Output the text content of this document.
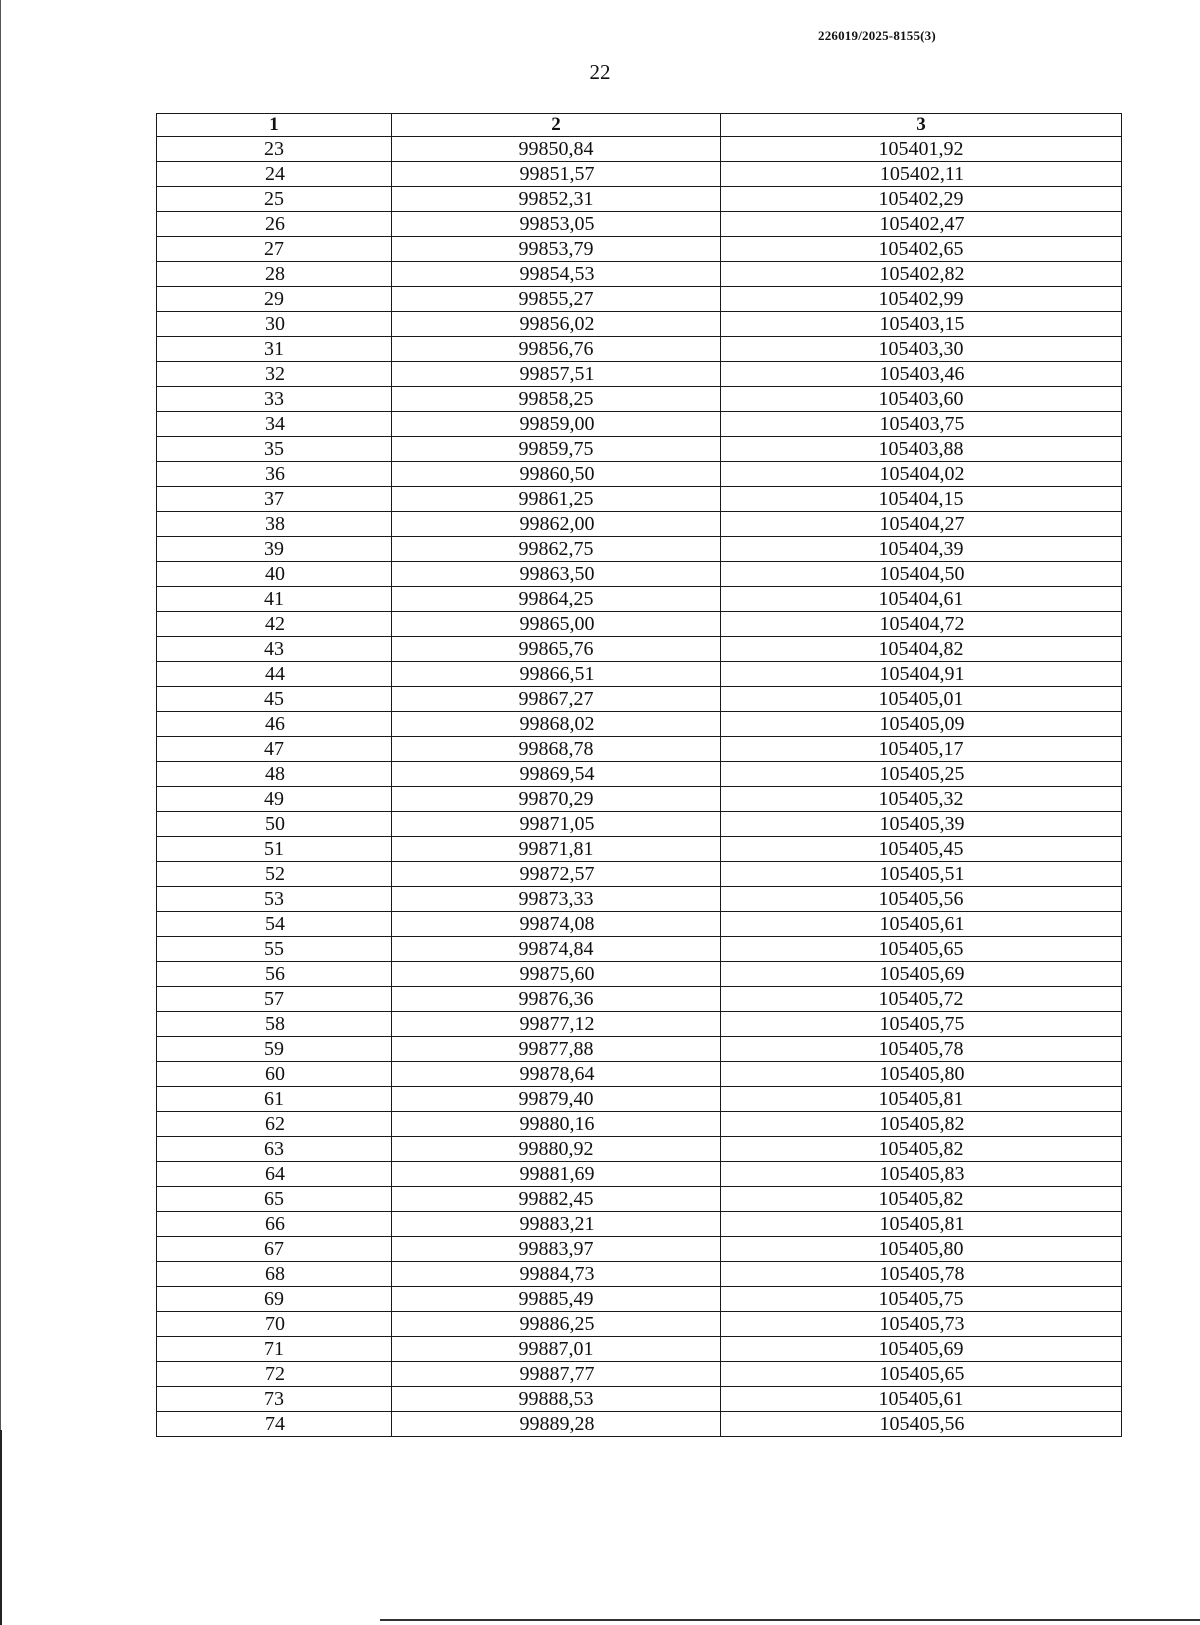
226019/2025-8155(3)
22
1	2	3
23	99850,84	105401,92
24	99851,57	105402,11
25	99852,31	105402,29
26	99853,05	105402,47
27	99853,79	105402,65
28	99854,53	105402,82
29	99855,27	105402,99
30	99856,02	105403,15
31	99856,76	105403,30
32	99857,51	105403,46
33	99858,25	105403,60
34	99859,00	105403,75
35	99859,75	105403,88
36	99860,50	105404,02
37	99861,25	105404,15
38	99862,00	105404,27
39	99862,75	105404,39
40	99863,50	105404,50
41	99864,25	105404,61
42	99865,00	105404,72
43	99865,76	105404,82
44	99866,51	105404,91
45	99867,27	105405,01
46	99868,02	105405,09
47	99868,78	105405,17
48	99869,54	105405,25
49	99870,29	105405,32
50	99871,05	105405,39
51	99871,81	105405,45
52	99872,57	105405,51
53	99873,33	105405,56
54	99874,08	105405,61
55	99874,84	105405,65
56	99875,60	105405,69
57	99876,36	105405,72
58	99877,12	105405,75
59	99877,88	105405,78
60	99878,64	105405,80
61	99879,40	105405,81
62	99880,16	105405,82
63	99880,92	105405,82
64	99881,69	105405,83
65	99882,45	105405,82
66	99883,21	105405,81
67	99883,97	105405,80
68	99884,73	105405,78
69	99885,49	105405,75
70	99886,25	105405,73
71	99887,01	105405,69
72	99887,77	105405,65
73	99888,53	105405,61
74	99889,28	105405,56
